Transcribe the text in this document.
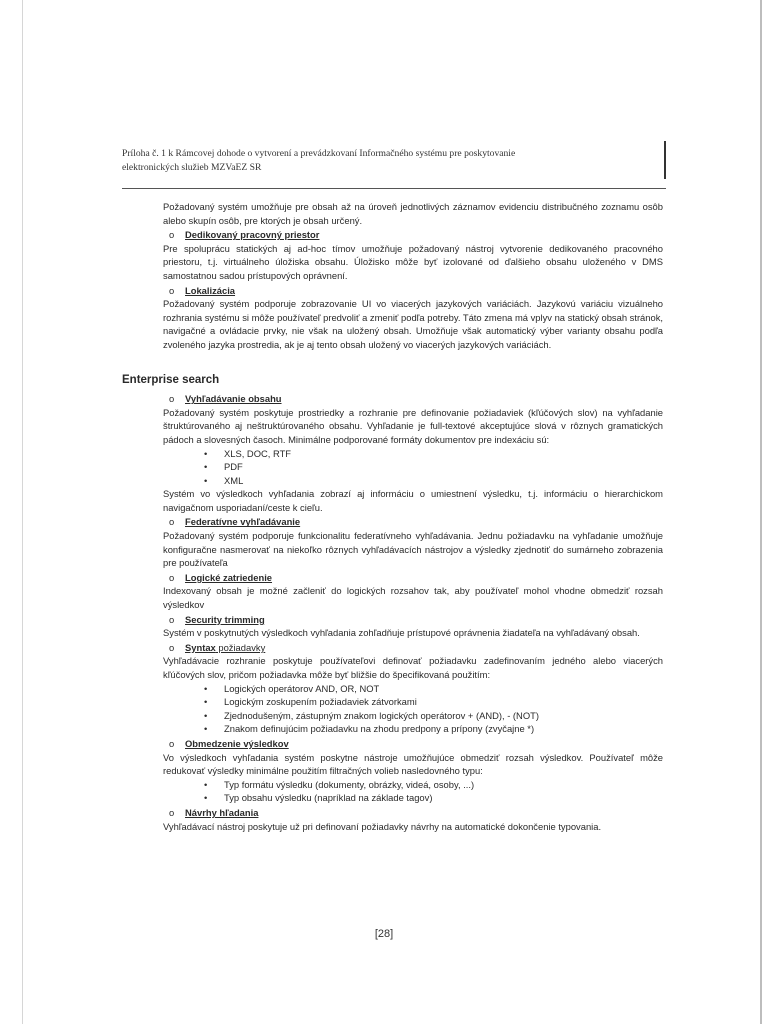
Príloha č. 1 k Rámcovej dohode o vytvorení a prevádzkovaní Informačného systému pre poskytovanie
elektronických služieb MZVaEZ SR

Požadovaný systém umožňuje pre obsah až na úroveň jednotlivých záznamov evidenciu distribučného zoznamu osôb alebo skupín osôb, pre ktorých je obsah určený.

o
Dedikovaný pracovný priestor

Pre spoluprácu statických aj ad-hoc tímov umožňuje požadovaný nástroj vytvorenie dedikovaného pracovného priestoru, t.j. virtuálneho úložiska obsahu. Úložisko môže byť izolované od ďalšieho obsahu uloženého v DMS samostatnou sadou prístupových oprávnení.

o
Lokalizácia

Požadovaný systém podporuje zobrazovanie UI vo viacerých jazykových variáciách. Jazykovú variáciu vizuálneho rozhrania systému si môže používateľ predvoliť a zmeniť podľa potreby. Táto zmena má vplyv na statický obsah stránok, navigačné a ovládacie prvky, nie však na uložený obsah. Umožňuje však automatický výber varianty obsahu podľa zvoleného jazyka prostredia, ak je aj tento obsah uložený vo viacerých jazykových variáciách.

Enterprise search
o
Vyhľadávanie obsahu

Požadovaný systém poskytuje prostriedky a rozhranie pre definovanie požiadaviek (kľúčových slov) na vyhľadanie štruktúrovaného aj neštruktúrovaného obsahu. Vyhľadanie je full-textové akceptujúce slová v rôznych gramatických pádoch a slovesných časoch. Minimálne podporované formáty dokumentov pre indexáciu sú:

• XLS, DOC, RTF
• PDF
• XML

Systém vo výsledkoch vyhľadania zobrazí aj informáciu o umiestnení výsledku, t.j. informáciu o hierarchickom navigačnom usporiadaní/ceste k cieľu.

o
Federatívne vyhľadávanie

Požadovaný systém podporuje funkcionalitu federatívneho vyhľadávania. Jednu požiadavku na vyhľadanie umožňuje konfiguračne nasmerovať na niekoľko rôznych vyhľadávacích nástrojov a výsledky zjednotiť do sumárneho zobrazenia pre používateľa

o
Logické zatriedenie

Indexovaný obsah je možné začleniť do logických rozsahov tak, aby používateľ mohol vhodne obmedziť rozsah výsledkov

o
Security trimming

Systém v poskytnutých výsledkoch vyhľadania zohľadňuje prístupové oprávnenia žiadateľa na vyhľadávaný obsah.

o
Syntax požiadavky

Vyhľadávacie rozhranie poskytuje používateľovi definovať požiadavku zadefinovaním jedného alebo viacerých kľúčových slov, pričom požiadavka môže byť bližšie do špecifikovaná použitím:

• Logických operátorov AND, OR, NOT
• Logickým zoskupením požiadaviek zátvorkami
• Zjednodušeným, zástupným znakom logických operátorov + (AND), - (NOT)
• Znakom definujúcim požiadavku na zhodu predpony a prípony (zvyčajne *)
o
Obmedzenie výsledkov

Vo výsledkoch vyhľadania systém poskytne nástroje umožňujúce obmedziť rozsah výsledkov. Používateľ môže redukovať výsledky minimálne použitím filtračných volieb nasledovného typu:

• Typ formátu výsledku (dokumenty, obrázky, videá, osoby, ...)
• Typ obsahu výsledku (napríklad na základe tagov)
o
Návrhy hľadania

Vyhľadávací nástroj poskytuje už pri definovaní požiadavky návrhy na automatické dokončenie typovania.

[28]
